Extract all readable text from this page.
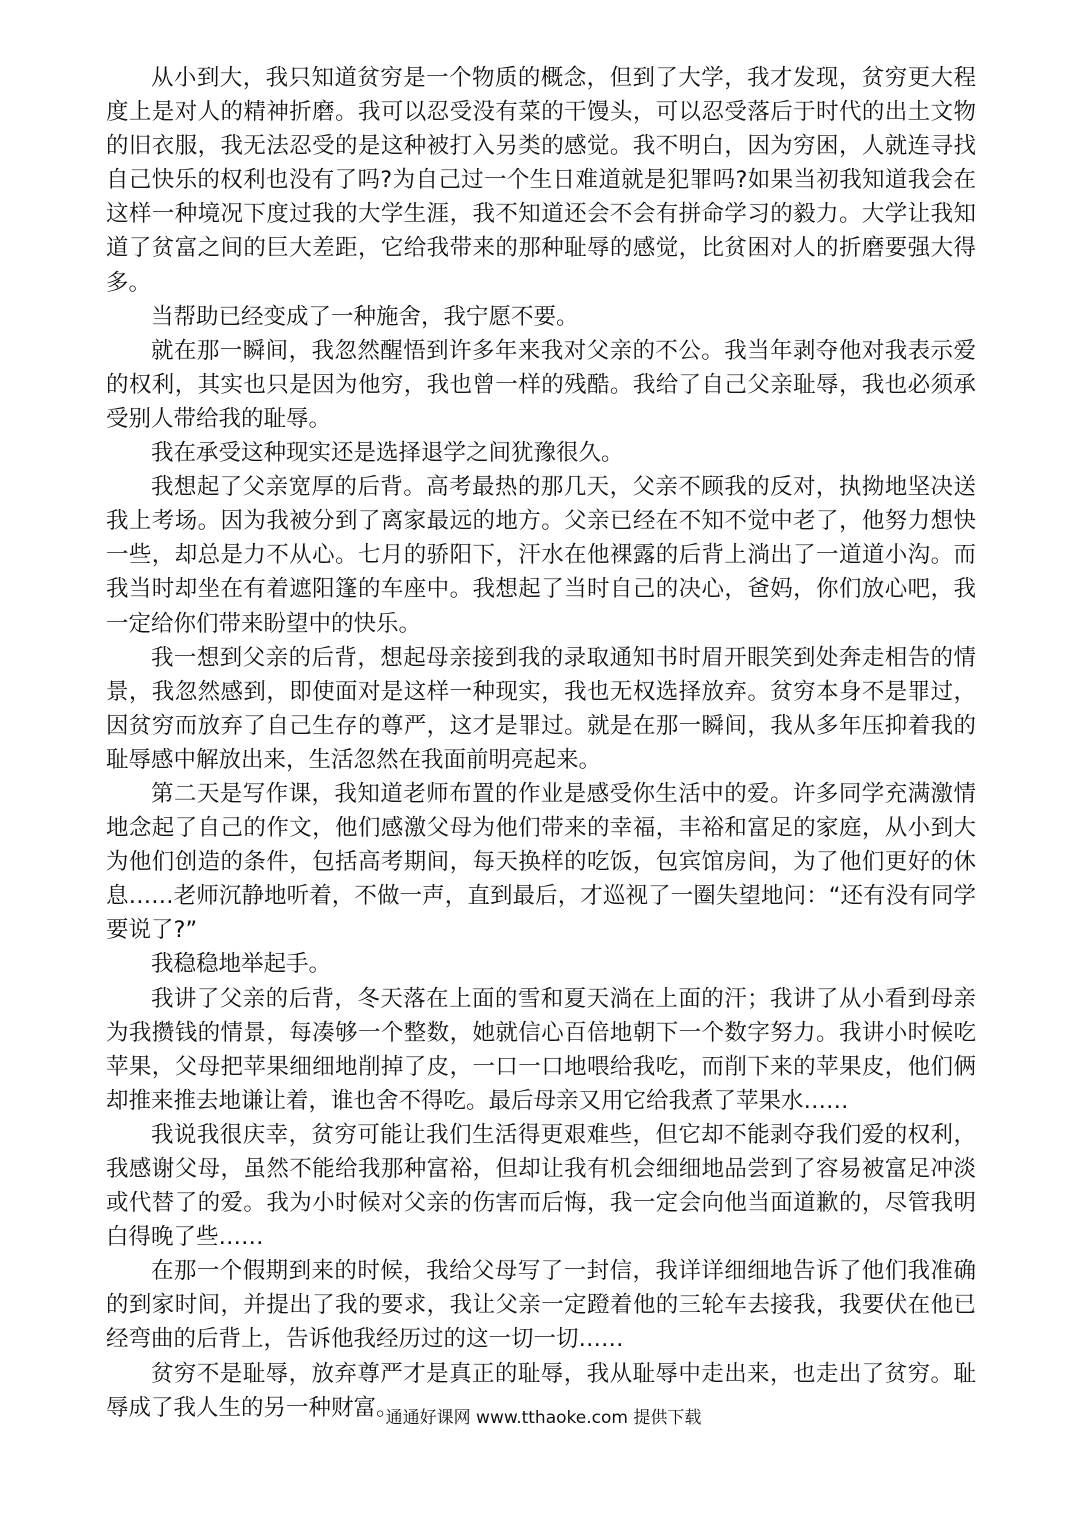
从小到大，我只知道贫穷是一个物质的概念，但到了大学，我才发现，贫穷更大程度上是对人的精神折磨。我可以忍受没有菜的干馒头，可以忍受落后于时代的出土文物的旧衣服，我无法忍受的是这种被打入另类的感觉。我不明白，因为穷困，人就连寻找自己快乐的权利也没有了吗?为自己过一个生日难道就是犯罪吗?如果当初我知道我会在这样一种境况下度过我的大学生涯，我不知道还会不会有拼命学习的毅力。大学让我知道了贫富之间的巨大差距，它给我带来的那种耻辱的感觉，比贫困对人的折磨要强大得多。

当帮助已经变成了一种施舍，我宁愿不要。

就在那一瞬间，我忽然醒悟到许多年来我对父亲的不公。我当年剥夺他对我表示爱的权利，其实也只是因为他穷，我也曾一样的残酷。我给了自己父亲耻辱，我也必须承受别人带给我的耻辱。

我在承受这种现实还是选择退学之间犹豫很久。

我想起了父亲宽厚的后背。高考最热的那几天，父亲不顾我的反对，执拗地坚决送我上考场。因为我被分到了离家最远的地方。父亲已经在不知不觉中老了，他努力想快一些，却总是力不从心。七月的骄阳下，汗水在他裸露的后背上淌出了一道道小沟。而我当时却坐在有着遮阳篷的车座中。我想起了当时自己的决心，爸妈，你们放心吧，我一定给你们带来盼望中的快乐。

我一想到父亲的后背，想起母亲接到我的录取通知书时眉开眼笑到处奔走相告的情景，我忽然感到，即使面对是这样一种现实，我也无权选择放弃。贫穷本身不是罪过，因贫穷而放弃了自己生存的尊严，这才是罪过。就是在那一瞬间，我从多年压抑着我的耻辱感中解放出来，生活忽然在我面前明亮起来。

第二天是写作课，我知道老师布置的作业是感受你生活中的爱。许多同学充满激情地念起了自己的作文，他们感激父母为他们带来的幸福，丰裕和富足的家庭，从小到大为他们创造的条件，包括高考期间，每天换样的吃饭，包宾馆房间，为了他们更好的休息……老师沉静地听着，不做一声，直到最后，才巡视了一圈失望地问：“还有没有同学要说了?”

我稳稳地举起手。

我讲了父亲的后背，冬天落在上面的雪和夏天淌在上面的汗；我讲了从小看到母亲为我攒钱的情景，每凑够一个整数，她就信心百倍地朝下一个数字努力。我讲小时候吃苹果，父母把苹果细细地削掉了皮，一口一口地喂给我吃，而削下来的苹果皮，他们俩却推来推去地谦让着，谁也舍不得吃。最后母亲又用它给我煮了苹果水……

我说我很庆幸，贫穷可能让我们生活得更艰难些，但它却不能剥夺我们爱的权利，我感谢父母，虽然不能给我那种富裕，但却让我有机会细细地品尝到了容易被富足冲淡或代替了的爱。我为小时候对父亲的伤害而后悔，我一定会向他当面道歉的，尽管我明白得晚了些……

在那一个假期到来的时候，我给父母写了一封信，我详详细细地告诉了他们我准确的到家时间，并提出了我的要求，我让父亲一定蹬着他的三轮车去接我，我要伏在他已经弯曲的后背上，告诉他我经历过的这一切一切……

贫穷不是耻辱，放弃尊严才是真正的耻辱，我从耻辱中走出来，也走出了贫穷。耻辱成了我人生的另一种财富。

通通好课网 www.tthaoke.com 提供下载
